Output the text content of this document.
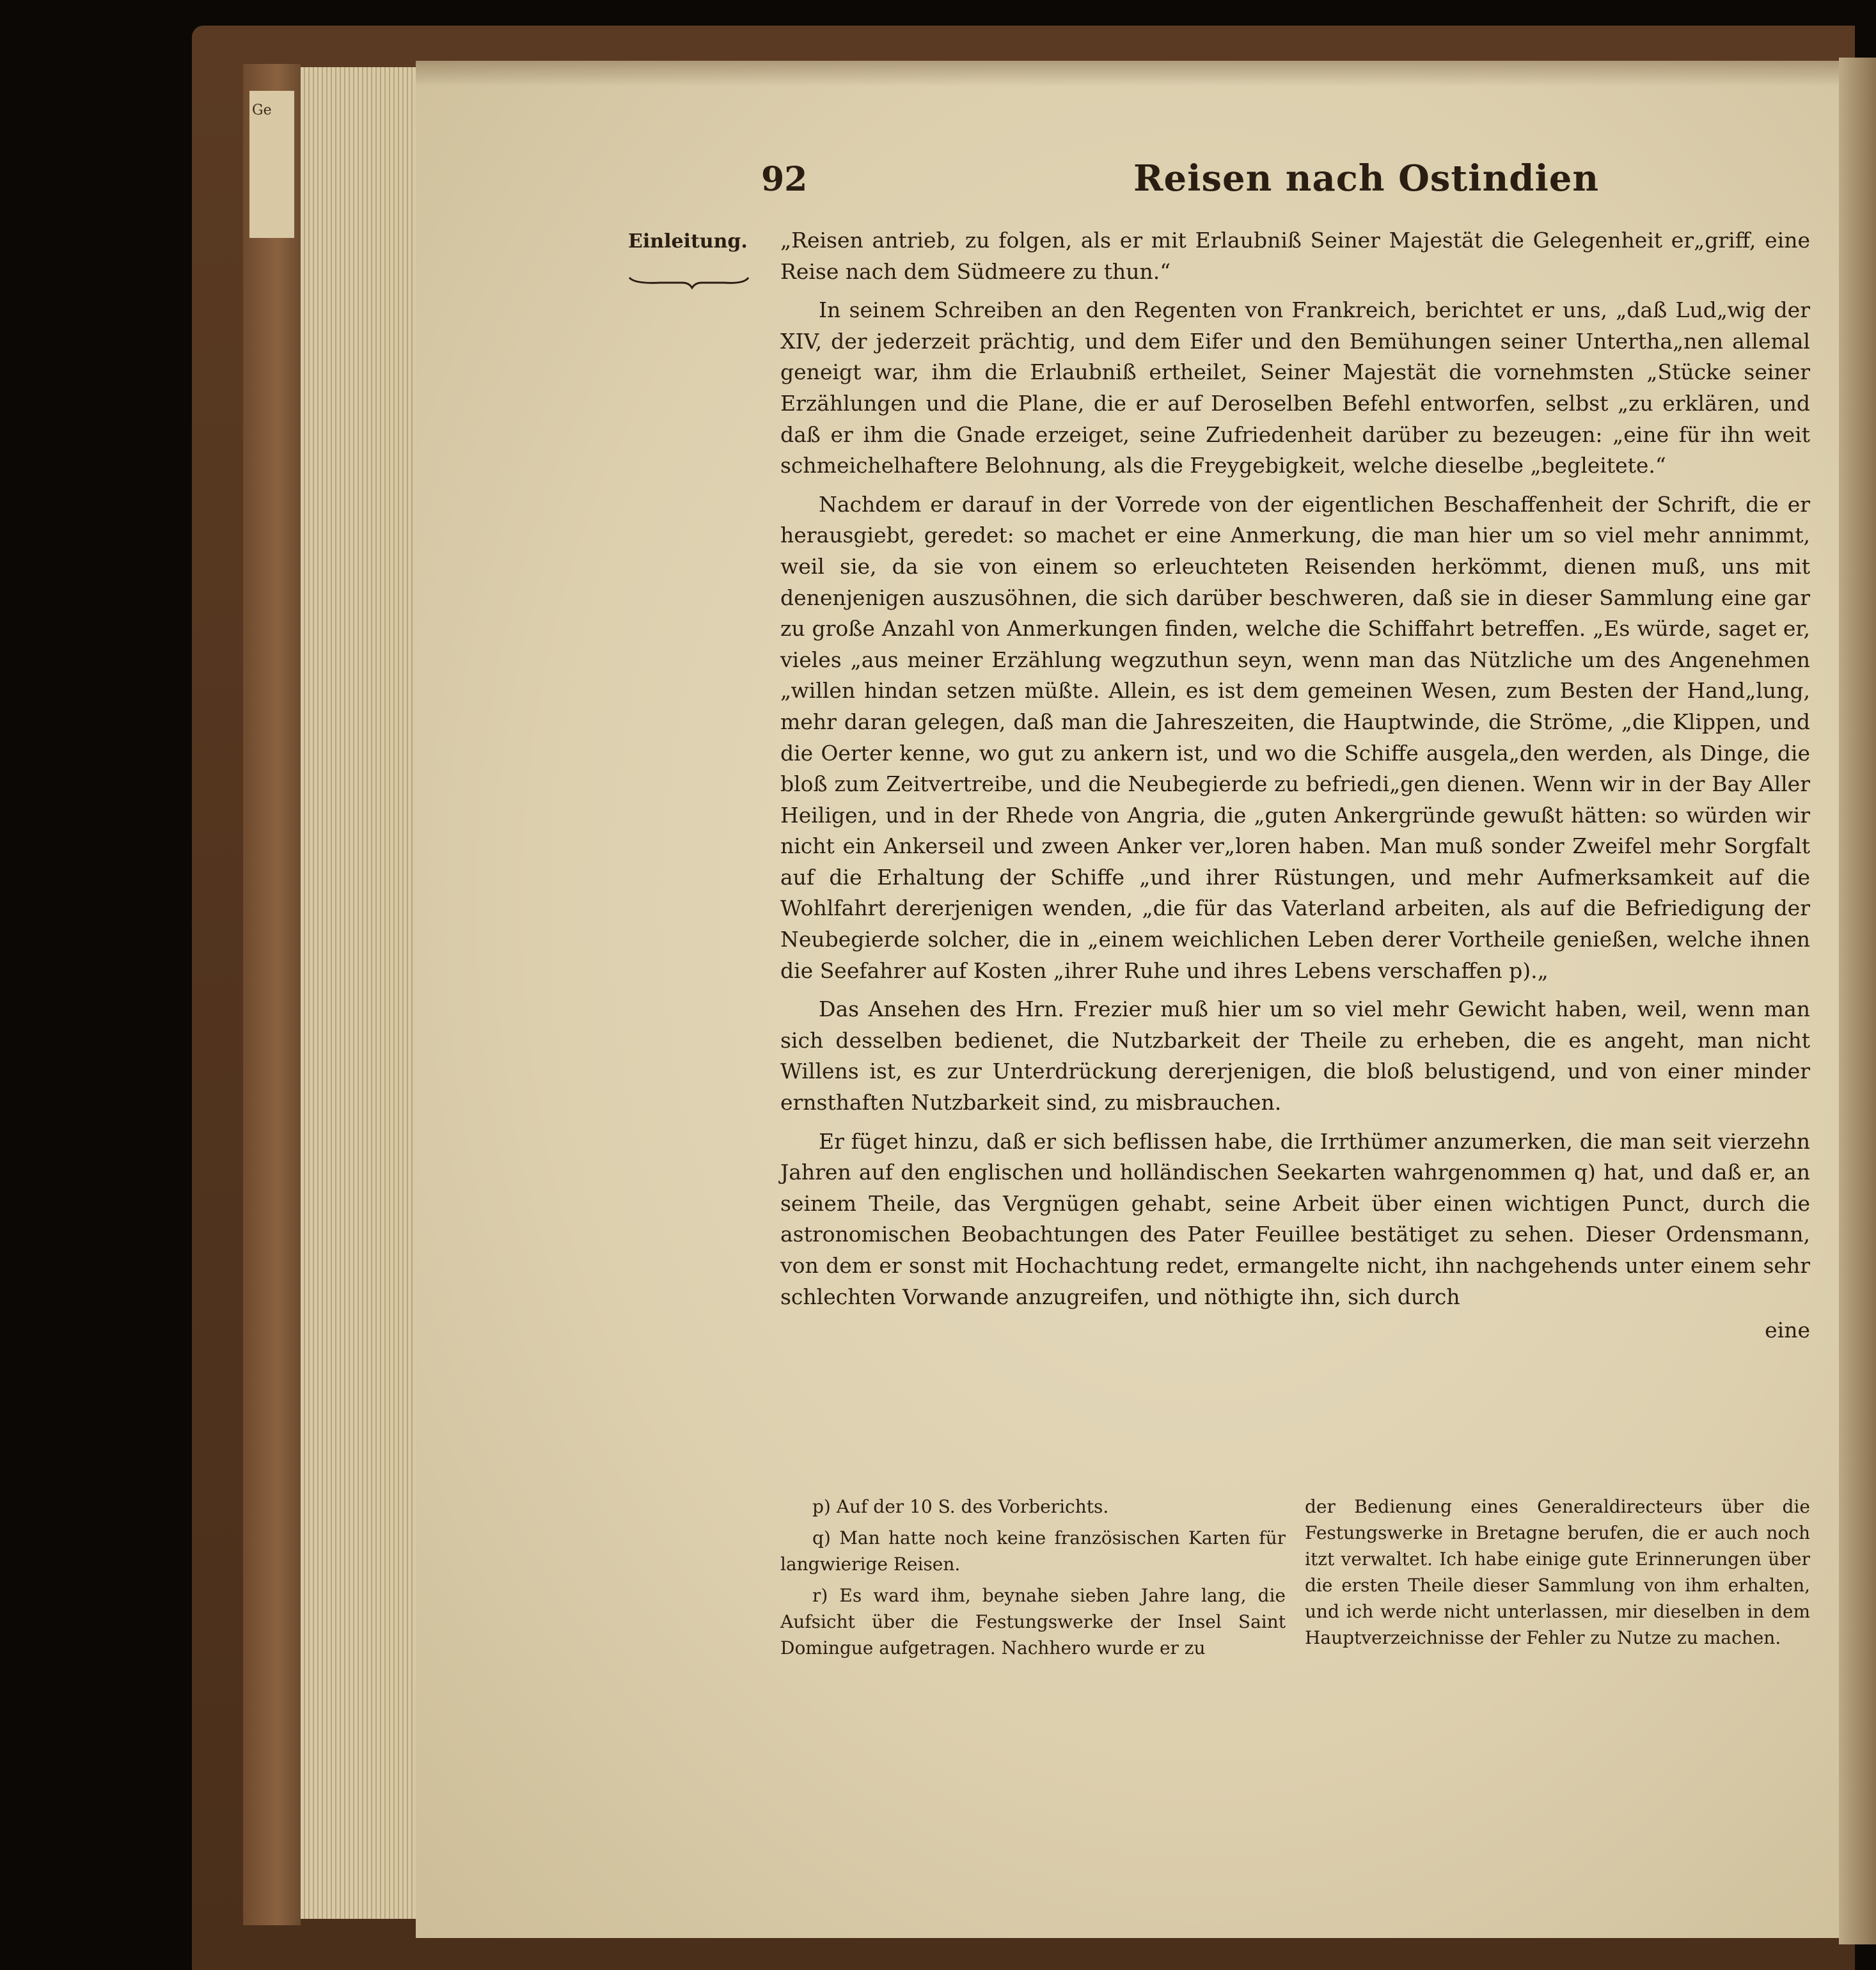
Ge
92	Reisen nach Ostindien
Einleitung.	„Reisen antrieb, zu folgen, als er mit Erlaubniß Seiner Majestät die Gelegenheit er„griff, eine Reise nach dem Südmeere zu thun.“

In seinem Schreiben an den Regenten von Frankreich, berichtet er uns, „daß Lud„wig der XIV, der jederzeit prächtig, und dem Eifer und den Bemühungen seiner Untertha„nen allemal geneigt war, ihm die Erlaubniß ertheilet, Seiner Majestät die vornehmsten „Stücke seiner Erzählungen und die Plane, die er auf Deroselben Befehl entworfen, selbst „zu erklären, und daß er ihm die Gnade erzeiget, seine Zufriedenheit darüber zu bezeugen: „eine für ihn weit schmeichelhaftere Belohnung, als die Freygebigkeit, welche dieselbe „begleitete.“

Nachdem er darauf in der Vorrede von der eigentlichen Beschaffenheit der Schrift, die er herausgiebt, geredet: so machet er eine Anmerkung, die man hier um so viel mehr annimmt, weil sie, da sie von einem so erleuchteten Reisenden herkömmt, dienen muß, uns mit denenjenigen auszusöhnen, die sich darüber beschweren, daß sie in dieser Sammlung eine gar zu große Anzahl von Anmerkungen finden, welche die Schiffahrt betreffen. „Es würde, saget er, vieles „aus meiner Erzählung wegzuthun seyn, wenn man das Nützliche um des Angenehmen „willen hindan setzen müßte. Allein, es ist dem gemeinen Wesen, zum Besten der Hand„lung, mehr daran gelegen, daß man die Jahreszeiten, die Hauptwinde, die Ströme, „die Klippen, und die Oerter kenne, wo gut zu ankern ist, und wo die Schiffe ausgela„den werden, als Dinge, die bloß zum Zeitvertreibe, und die Neubegierde zu befriedi„gen dienen. Wenn wir in der Bay Aller Heiligen, und in der Rhede von Angria, die „guten Ankergründe gewußt hätten: so würden wir nicht ein Ankerseil und zween Anker ver„loren haben. Man muß sonder Zweifel mehr Sorgfalt auf die Erhaltung der Schiffe „und ihrer Rüstungen, und mehr Aufmerksamkeit auf die Wohlfahrt dererjenigen wenden, „die für das Vaterland arbeiten, als auf die Befriedigung der Neubegierde solcher, die in „einem weichlichen Leben derer Vortheile genießen, welche ihnen die Seefahrer auf Kosten „ihrer Ruhe und ihres Lebens verschaffen p).„

Das Ansehen des Hrn. Frezier muß hier um so viel mehr Gewicht haben, weil, wenn man sich desselben bedienet, die Nutzbarkeit der Theile zu erheben, die es angeht, man nicht Willens ist, es zur Unterdrückung dererjenigen, die bloß belustigend, und von einer minder ernsthaften Nutzbarkeit sind, zu misbrauchen.

Er füget hinzu, daß er sich beflissen habe, die Irrthümer anzumerken, die man seit vierzehn Jahren auf den englischen und holländischen Seekarten wahrgenommen q) hat, und daß er, an seinem Theile, das Vergnügen gehabt, seine Arbeit über einen wichtigen Punct, durch die astronomischen Beobachtungen des Pater Feuillee bestätiget zu sehen. Dieser Ordensmann, von dem er sonst mit Hochachtung redet, ermangelte nicht, ihn nachgehends unter einem sehr schlechten Vorwande anzugreifen, und nöthigte ihn, sich durch

eine

p) Auf der 10 S. des Vorberichts.

q) Man hatte noch keine französischen Karten für langwierige Reisen.

r) Es ward ihm, beynahe sieben Jahre lang, die Aufsicht über die Festungswerke der Insel Saint Domingue aufgetragen. Nachhero wurde er zu

der Bedienung eines Generaldirecteurs über die Festungswerke in Bretagne berufen, die er auch noch itzt verwaltet. Ich habe einige gute Erinnerungen über die ersten Theile dieser Sammlung von ihm erhalten, und ich werde nicht unterlassen, mir dieselben in dem Hauptverzeichnisse der Fehler zu Nutze zu machen.
